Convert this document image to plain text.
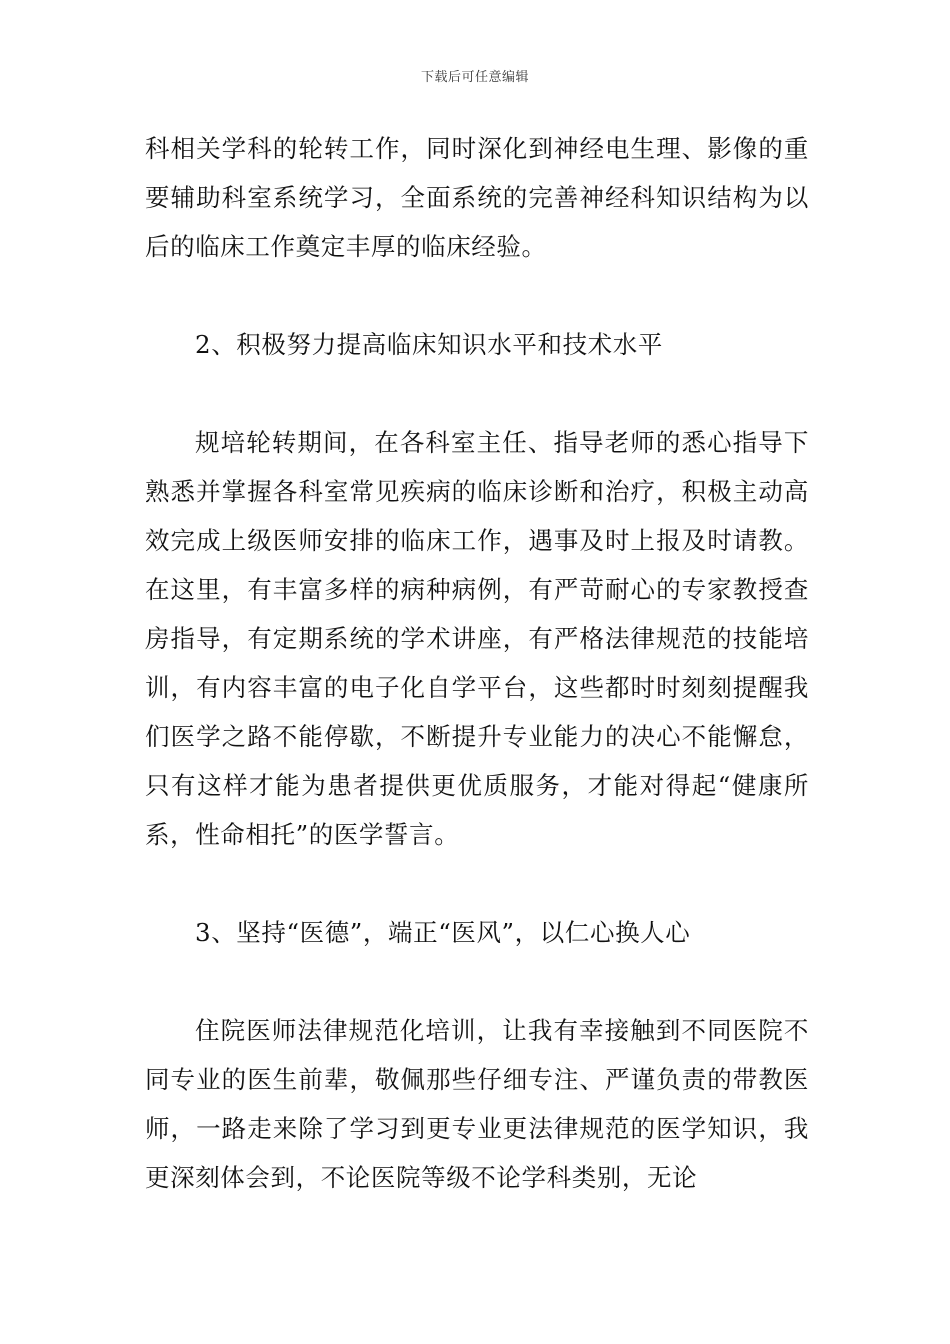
下载后可任意编辑

科相关学科的轮转工作，同时深化到神经电生理、影像的重要辅助科室系统学习，全面系统的完善神经科知识结构为以后的临床工作奠定丰厚的临床经验。

2、积极努力提高临床知识水平和技术水平

规培轮转期间，在各科室主任、指导老师的悉心指导下熟悉并掌握各科室常见疾病的临床诊断和治疗，积极主动高效完成上级医师安排的临床工作，遇事及时上报及时请教。在这里，有丰富多样的病种病例，有严苛耐心的专家教授查房指导，有定期系统的学术讲座，有严格法律规范的技能培训，有内容丰富的电子化自学平台，这些都时时刻刻提醒我们医学之路不能停歇，不断提升专业能力的决心不能懈怠，只有这样才能为患者提供更优质服务，才能对得起“健康所系，性命相托”的医学誓言。

3、坚持“医德”，端正“医风”，以仁心换人心

住院医师法律规范化培训，让我有幸接触到不同医院不同专业的医生前辈，敬佩那些仔细专注、严谨负责的带教医师，一路走来除了学习到更专业更法律规范的医学知识，我更深刻体会到，不论医院等级不论学科类别，无论
